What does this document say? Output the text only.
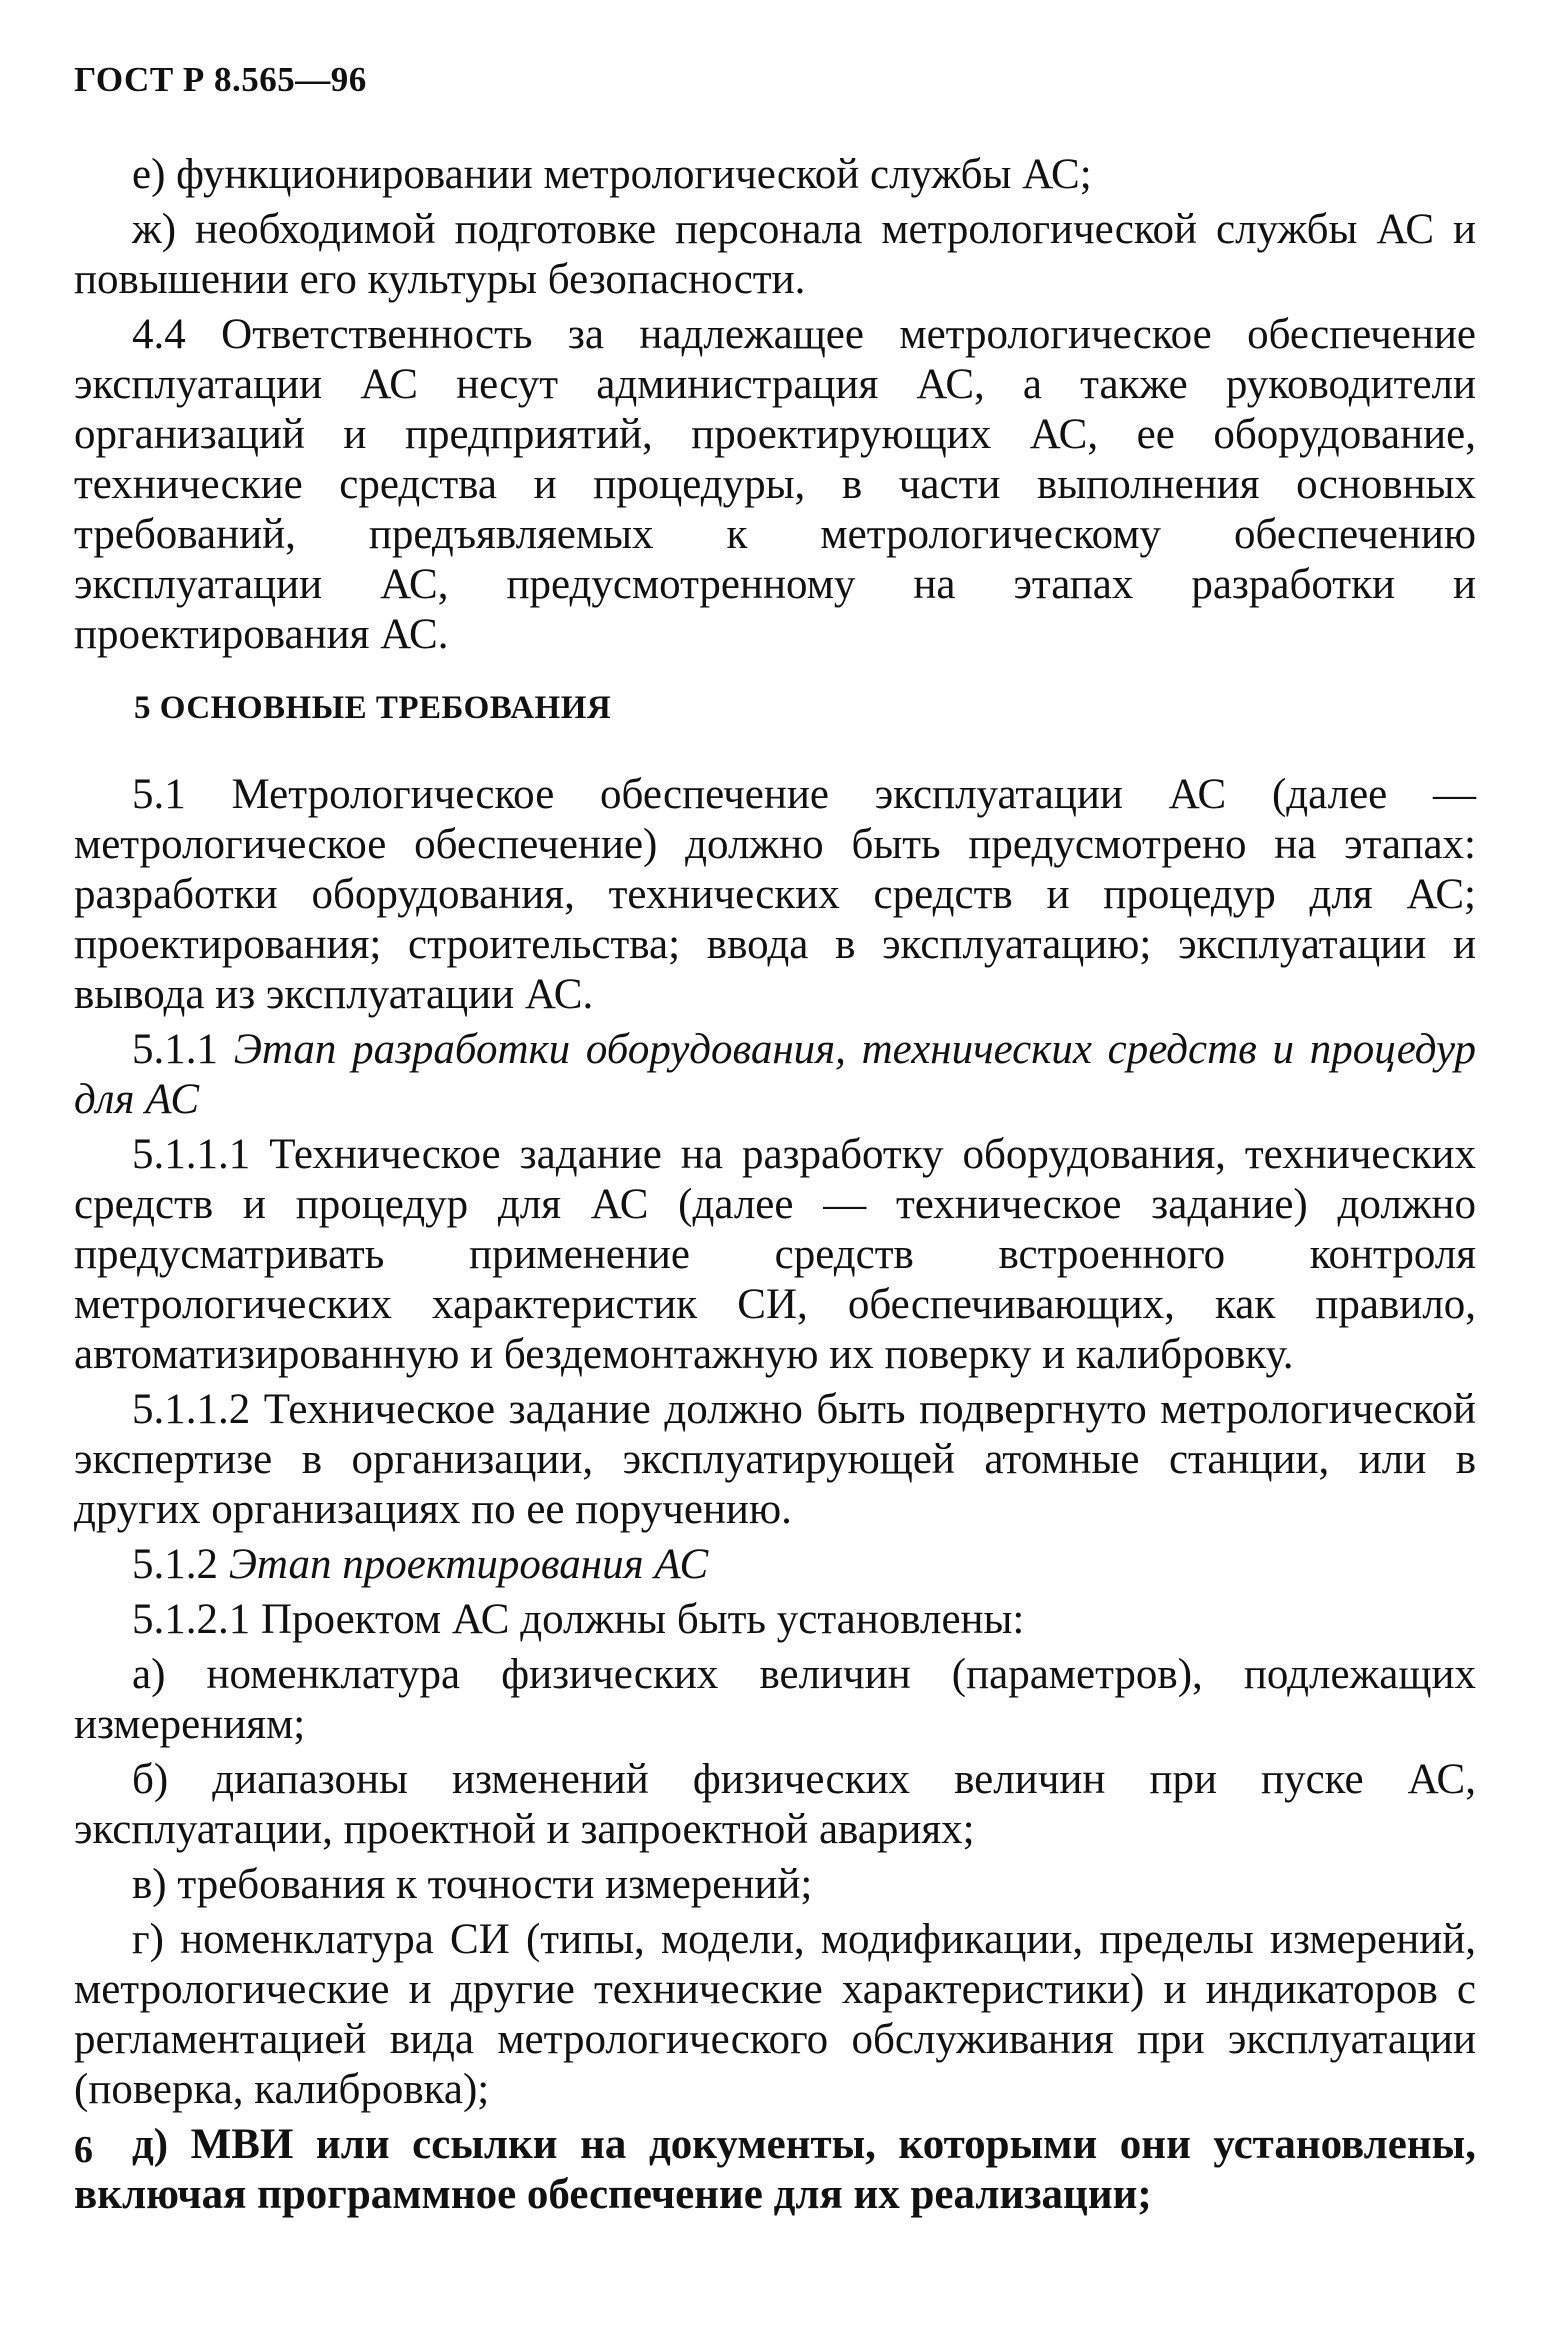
ГОСТ Р 8.565—96

е) функционировании метрологической службы АС;

ж) необходимой подготовке персонала метрологической службы АС и повышении его культуры безопасности.

4.4 Ответственность за надлежащее метрологическое обеспечение эксплуатации АС несут администрация АС, а также руководители организаций и предприятий, проектирующих АС, ее оборудование, технические средства и процедуры, в части выполнения основных требований, предъявляемых к метрологическому обеспечению эксплуатации АС, предусмотренному на этапах разработки и проектирования АС.

5 ОСНОВНЫЕ ТРЕБОВАНИЯ

5.1 Метрологическое обеспечение эксплуатации АС (далее — метрологическое обеспечение) должно быть предусмотрено на этапах: разработки оборудования, технических средств и процедур для АС; проектирования; строительства; ввода в эксплуатацию; эксплуатации и вывода из эксплуатации АС.

5.1.1 Этап разработки оборудования, технических средств и процедур для АС

5.1.1.1 Техническое задание на разработку оборудования, технических средств и процедур для АС (далее — техническое задание) должно предусматривать применение средств встроенного контроля метрологических характеристик СИ, обеспечивающих, как правило, автоматизированную и бездемонтажную их поверку и калибровку.

5.1.1.2 Техническое задание должно быть подвергнуто метрологической экспертизе в организации, эксплуатирующей атомные станции, или в других организациях по ее поручению.

5.1.2 Этап проектирования АС

5.1.2.1 Проектом АС должны быть установлены:

а) номенклатура физических величин (параметров), подлежащих измерениям;

б) диапазоны изменений физических величин при пуске АС, эксплуатации, проектной и запроектной авариях;

в) требования к точности измерений;

г) номенклатура СИ (типы, модели, модификации, пределы измерений, метрологические и другие технические характеристики) и индикаторов с регламентацией вида метрологического обслуживания при эксплуатации (поверка, калибровка);

д) МВИ или ссылки на документы, которыми они установлены, включая программное обеспечение для их реализации;

6
